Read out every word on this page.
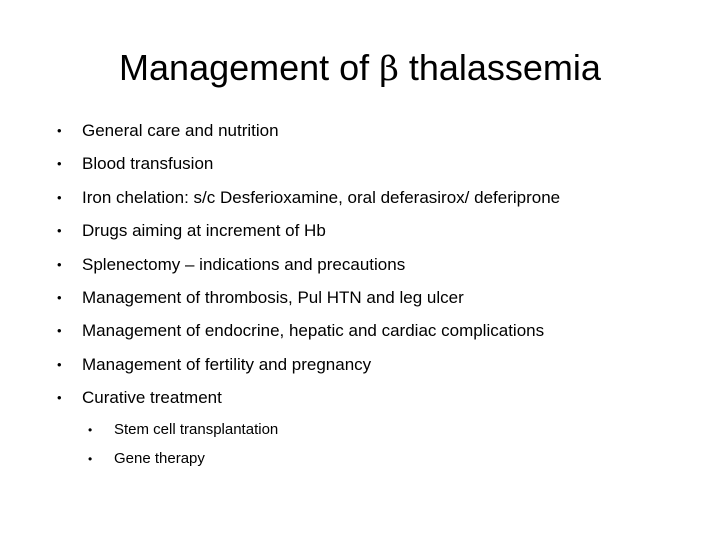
Management of β thalassemia
• General care and nutrition
• Blood transfusion
• Iron chelation: s/c Desferioxamine, oral deferasirox/ deferiprone
• Drugs aiming at increment of Hb
• Splenectomy – indications and precautions
• Management of thrombosis, Pul HTN and leg ulcer
• Management of endocrine, hepatic and cardiac complications
• Management of fertility and pregnancy
• Curative treatment
• Stem cell transplantation
• Gene therapy
